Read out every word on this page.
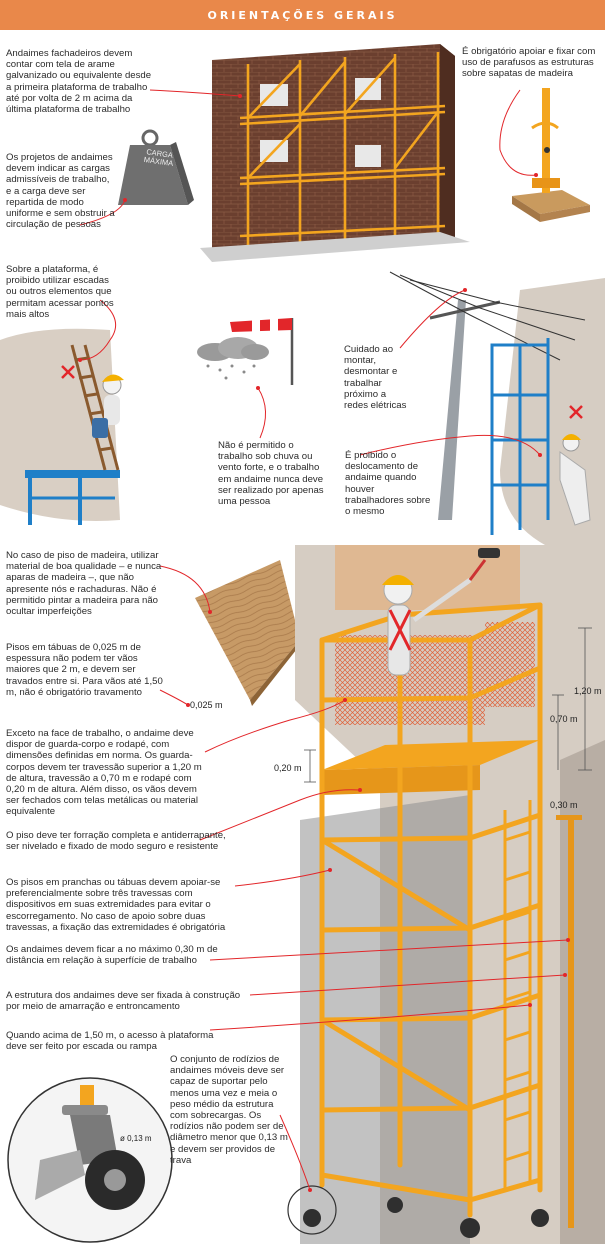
ORIENTAÇÕES GERAIS
CARGA MÁXIMA
Andaimes fachadeiros devem contar com tela de arame galvanizado ou equivalente desde a primeira plataforma de trabalho até por volta de 2 m acima da última plataforma de trabalho
É obrigatório apoiar e fixar com uso de parafusos as estruturas sobre sapatas de madeira
Os projetos de andaimes devem indicar as cargas admissíveis de trabalho, e a carga deve ser repartida de modo uniforme e sem obstruir a circulação de pessoas
Sobre a plataforma, é proibido utilizar escadas ou outros elementos que permitam acessar pontos mais altos
Cuidado ao montar, desmontar e trabalhar próximo a redes elétricas
Não é permitido o trabalho sob chuva ou vento forte, e o trabalho em andaime nunca deve ser realizado por apenas uma pessoa
É proibido o deslocamento de andaime quando houver trabalhadores sobre o mesmo
No caso de piso de madeira, utilizar material de boa qualidade – e nunca aparas de madeira –, que não apresente nós e rachaduras. Não é permitido pintar a madeira para não ocultar imperfeições
Pisos em tábuas de 0,025 m de espessura não podem ter vãos maiores que 2 m, e devem ser travados entre si. Para vãos até 1,50 m, não é obrigatório travamento
Exceto na face de trabalho, o andaime deve dispor de guarda-corpo e rodapé, com dimensões definidas em norma. Os guarda-corpos devem ter travessão superior a 1,20 m de altura, travessão a 0,70 m e rodapé com 0,20 m de altura. Além disso, os vãos devem ser fechados com telas metálicas ou material equivalente
O piso deve ter forração completa e antiderrapante, ser nivelado e fixado de modo seguro e resistente
Os pisos em pranchas ou tábuas devem apoiar-se preferencialmente sobre três travessas com dispositivos em suas extremidades para evitar o escorregamento. No caso de apoio sobre duas travessas, a fixação das extremidades é obrigatória
Os andaimes devem ficar a no máximo 0,30 m de distância em relação à superfície de trabalho
A estrutura dos andaimes deve ser fixada à construção por meio de amarração e entroncamento
Quando acima de 1,50 m, o acesso à plataforma deve ser feito por escada ou rampa
O conjunto de rodízios de andaimes móveis deve ser capaz de suportar pelo menos uma vez e meia o peso médio da estrutura com sobrecargas. Os rodízios não podem ser de diâmetro menor que 0,13 m e devem ser providos de trava
0,025 m
1,20 m
0,70 m
0,20 m
0,30 m
ø 0,13 m
